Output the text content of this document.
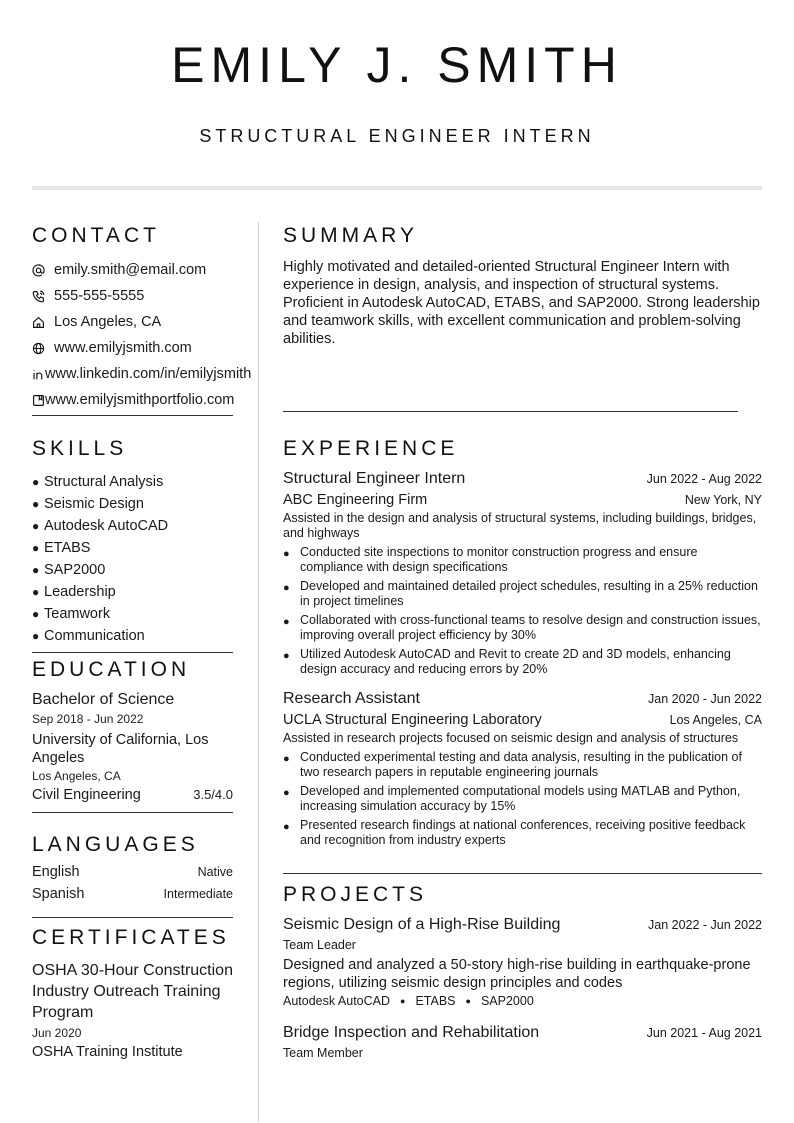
EMILY J. SMITH
STRUCTURAL ENGINEER INTERN
CONTACT
emily.smith@email.com
555-555-5555
Los Angeles, CA
www.emilyjsmith.com
www.linkedin.com/in/emilyjsmith
www.emilyjsmithportfolio.com
SUMMARY
Highly motivated and detailed-oriented Structural Engineer Intern with experience in design, analysis, and inspection of structural systems. Proficient in Autodesk AutoCAD, ETABS, and SAP2000. Strong leadership and teamwork skills, with excellent communication and problem-solving abilities.
SKILLS
● Structural Analysis
● Seismic Design
● Autodesk AutoCAD
● ETABS
● SAP2000
● Leadership
● Teamwork
● Communication
EDUCATION
Bachelor of Science
Sep 2018 - Jun 2022
University of California, Los Angeles
Los Angeles, CA
Civil Engineering	3.5/4.0
LANGUAGES
English	Native
Spanish	Intermediate
CERTIFICATES
OSHA 30-Hour Construction Industry Outreach Training Program
Jun 2020
OSHA Training Institute
EXPERIENCE
Structural Engineer Intern	Jun 2022 - Aug 2022
ABC Engineering Firm	New York, NY
Assisted in the design and analysis of structural systems, including buildings, bridges, and highways
● Conducted site inspections to monitor construction progress and ensure compliance with design specifications
● Developed and maintained detailed project schedules, resulting in a 25% reduction in project timelines
● Collaborated with cross-functional teams to resolve design and construction issues, improving overall project efficiency by 30%
● Utilized Autodesk AutoCAD and Revit to create 2D and 3D models, enhancing design accuracy and reducing errors by 20%
Research Assistant	Jan 2020 - Jun 2022
UCLA Structural Engineering Laboratory	Los Angeles, CA
Assisted in research projects focused on seismic design and analysis of structures
● Conducted experimental testing and data analysis, resulting in the publication of two research papers in reputable engineering journals
● Developed and implemented computational models using MATLAB and Python, increasing simulation accuracy by 15%
● Presented research findings at national conferences, receiving positive feedback and recognition from industry experts
PROJECTS
Seismic Design of a High-Rise Building	Jan 2022 - Jun 2022
Team Leader
Designed and analyzed a 50-story high-rise building in earthquake-prone regions, utilizing seismic design principles and codes
Autodesk AutoCAD ● ETABS ● SAP2000
Bridge Inspection and Rehabilitation	Jun 2021 - Aug 2021
Team Member
